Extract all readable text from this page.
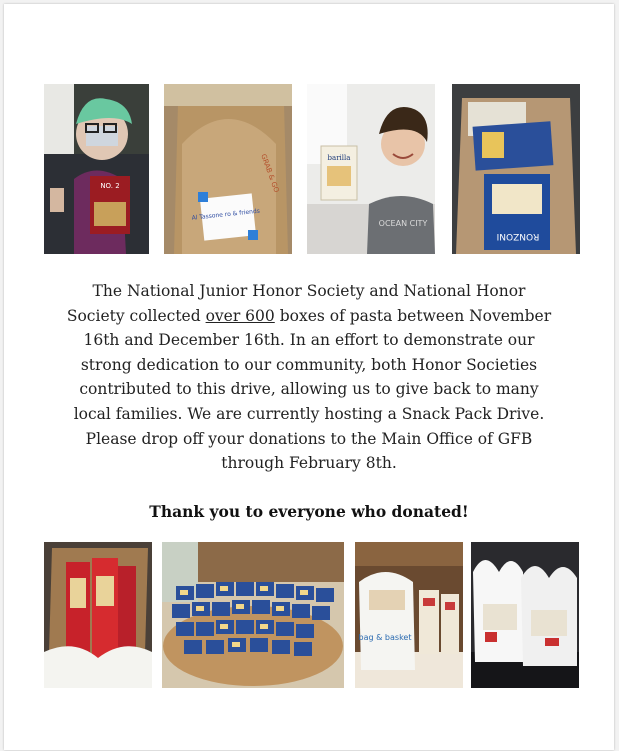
NO. 2
Al Tassone ro & friends
GRAB & GO	barilla
OCEAN CITY
RONZONI
The National Junior Honor Society and National Honor Society collected over 600 boxes of pasta between November 16th and December 16th. In an effort to demonstrate our strong dedication to our community, both Honor Societies contributed to this drive, allowing us to give back to many local families. We are currently hosting a Snack Pack Drive. Please drop off your donations to the Main Office of GFB through February 8th.
Thank you to everyone who donated!
bag & basket
